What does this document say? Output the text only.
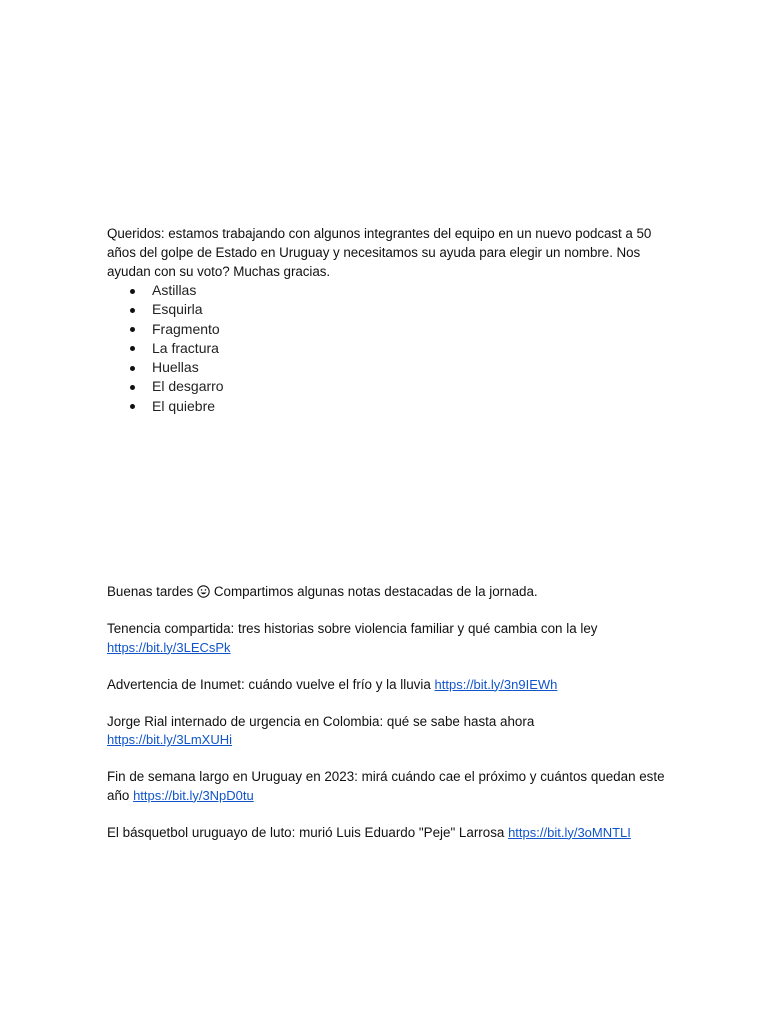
Queridos: estamos trabajando con algunos integrantes del equipo en un nuevo podcast a 50 años del golpe de Estado en Uruguay y necesitamos su ayuda para elegir un nombre. Nos ayudan con su voto? Muchas gracias.

Astillas
Esquirla
Fragmento
La fractura
Huellas
El desgarro
El quiebre

Buenas tardes Compartimos algunas notas destacadas de la jornada.

Tenencia compartida: tres historias sobre violencia familiar y qué cambia con la ley
https://bit.ly/3LECsPk

Advertencia de Inumet: cuándo vuelve el frío y la lluvia https://bit.ly/3n9IEWh

Jorge Rial internado de urgencia en Colombia: qué se sabe hasta ahora
https://bit.ly/3LmXUHi

Fin de semana largo en Uruguay en 2023: mirá cuándo cae el próximo y cuántos quedan este año https://bit.ly/3NpD0tu

El básquetbol uruguayo de luto: murió Luis Eduardo "Peje" Larrosa https://bit.ly/3oMNTLI
